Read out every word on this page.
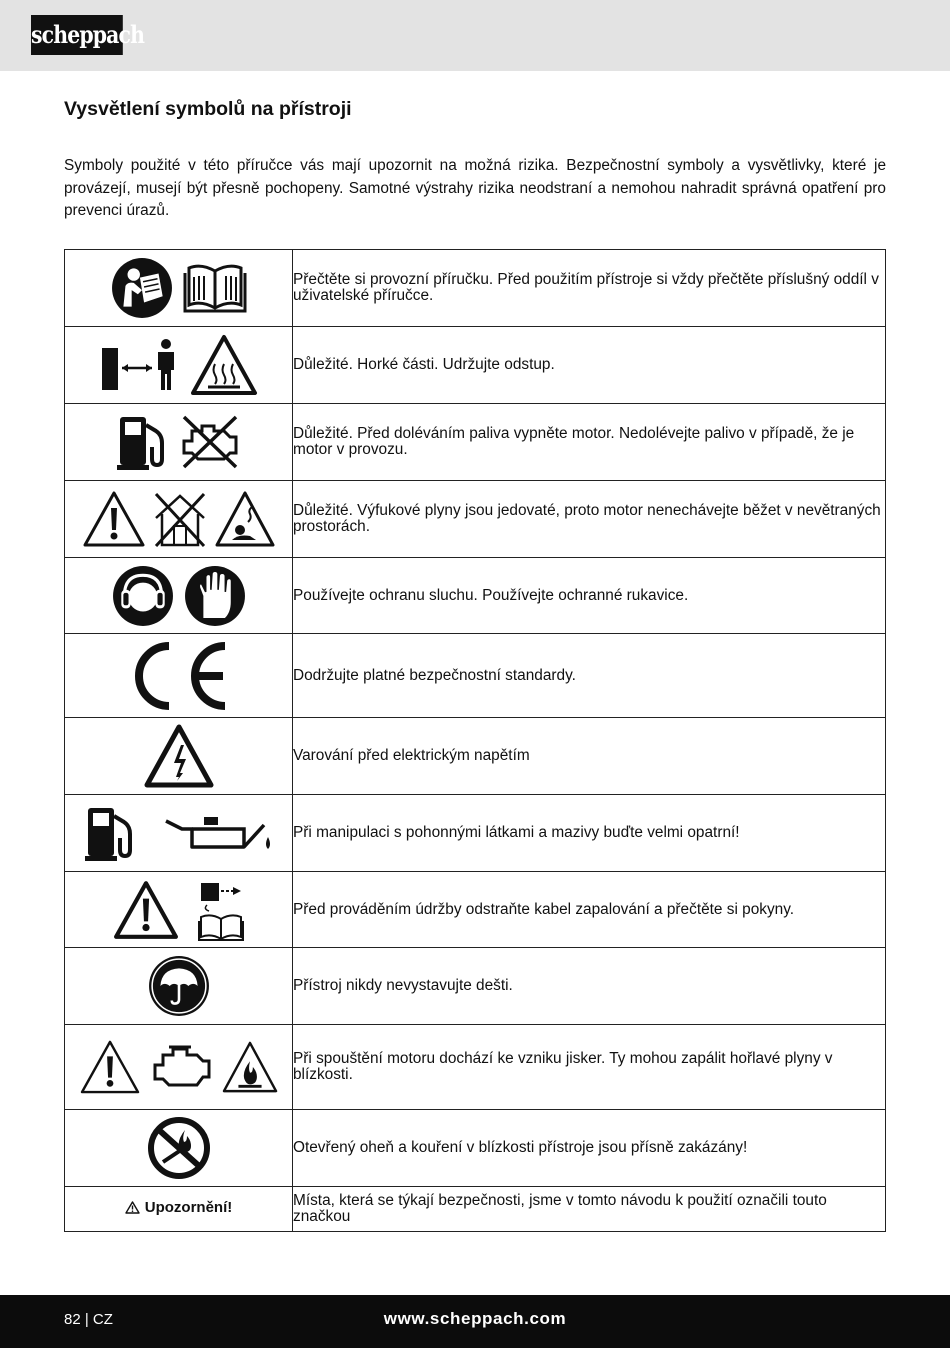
scheppach
Vysvětlení symbolů na přístroji

Symboly použité v této příručce vás mají upozornit na možná rizika. Bezpečnostní symboly a vysvětlivky, které je provázejí, musejí být přesně pochopeny. Samotné výstrahy rizika neodstraní a nemohou nahradit správná opatření pro prevenci úrazů.

	Přečtěte si provozní příručku. Před použitím přístroje si vždy přečtěte příslušný oddíl v uživatelské příručce.

	Důležité. Horké části. Udržujte odstup.

	Důležité. Před doléváním paliva vypněte motor. Nedolévejte palivo v případě, že je motor v provozu.

	Důležité. Výfukové plyny jsou jedovaté, proto motor nenechávejte běžet v nevětraných prostorách.

	Používejte ochranu sluchu. Používejte ochranné rukavice.

	Dodržujte platné bezpečnostní standardy.

	Varování před elektrickým napětím

	Při manipulaci s pohonnými látkami a mazivy buďte velmi opatrní!

	Před prováděním údržby odstraňte kabel zapalování a přečtěte si pokyny.

	Přístroj nikdy nevystavujte dešti.

	Při spouštění motoru dochází ke vzniku jisker. Ty mohou zapálit hořlavé plyny v blízkosti.

	Otevřený oheň a kouření v blízkosti přístroje jsou přísně zakázány!

Upozornění!	Místa, která se týkají bezpečnosti, jsme v tomto návodu k použití označili touto značkou
82 | CZ	www.scheppach.com
